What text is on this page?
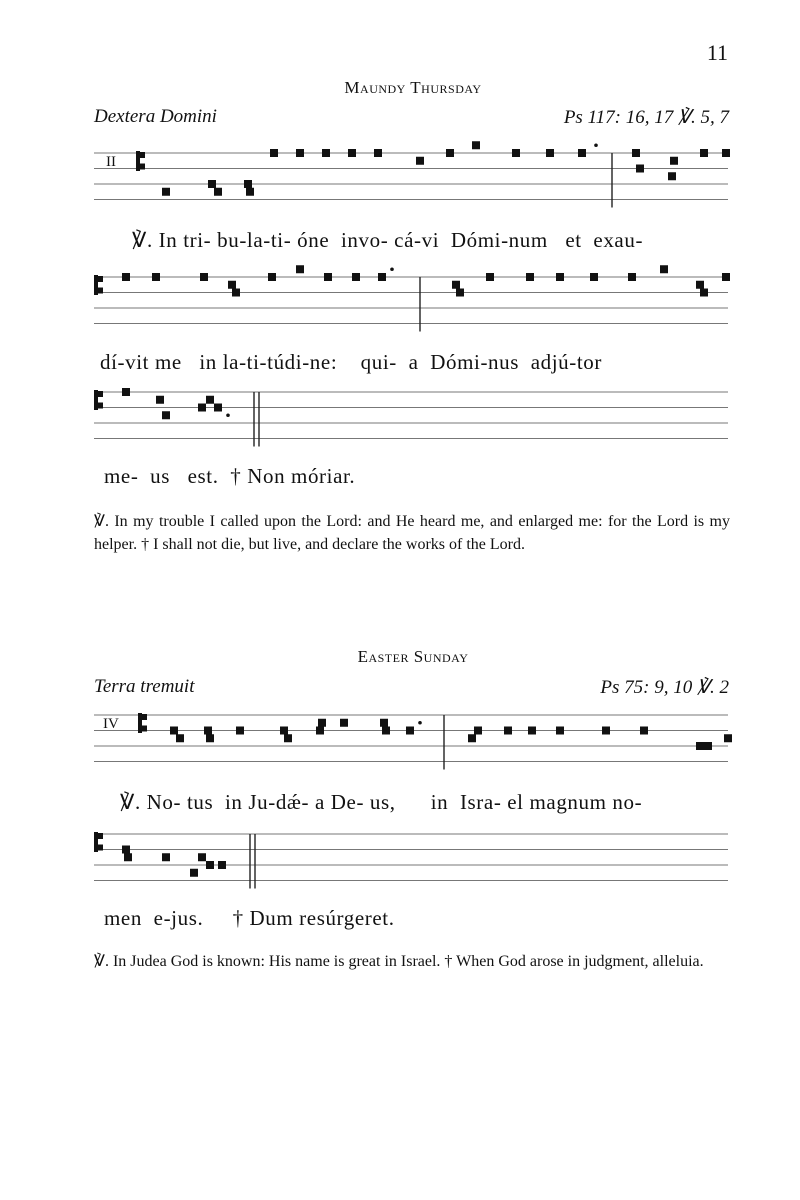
11
Maundy Thursday
Dextera Domini	Ps 117: 16, 17 ℣. 5, 7
II
℣. In tri- bu-la-ti- óne  invo- cá-vi  Dómi-num   et  exau-
dí-vit me   in la-ti-túdi-ne:    qui-  a  Dómi-nus  adjú-tor
me-  us   est.  † Non móriar.
℣. In my trouble I called upon the Lord: and He heard me, and enlarged me: for the Lord is my helper. † I shall not die, but live, and declare the works of the Lord.
Easter Sunday
Terra tremuit	Ps 75: 9, 10 ℣. 2
IV
℣. No- tus  in Ju-dǽ- a De- us,      in  Isra- el magnum no-
men  e-jus.     † Dum resúrgeret.
℣. In Judea God is known: His name is great in Israel. † When God arose in judgment, alleluia.
